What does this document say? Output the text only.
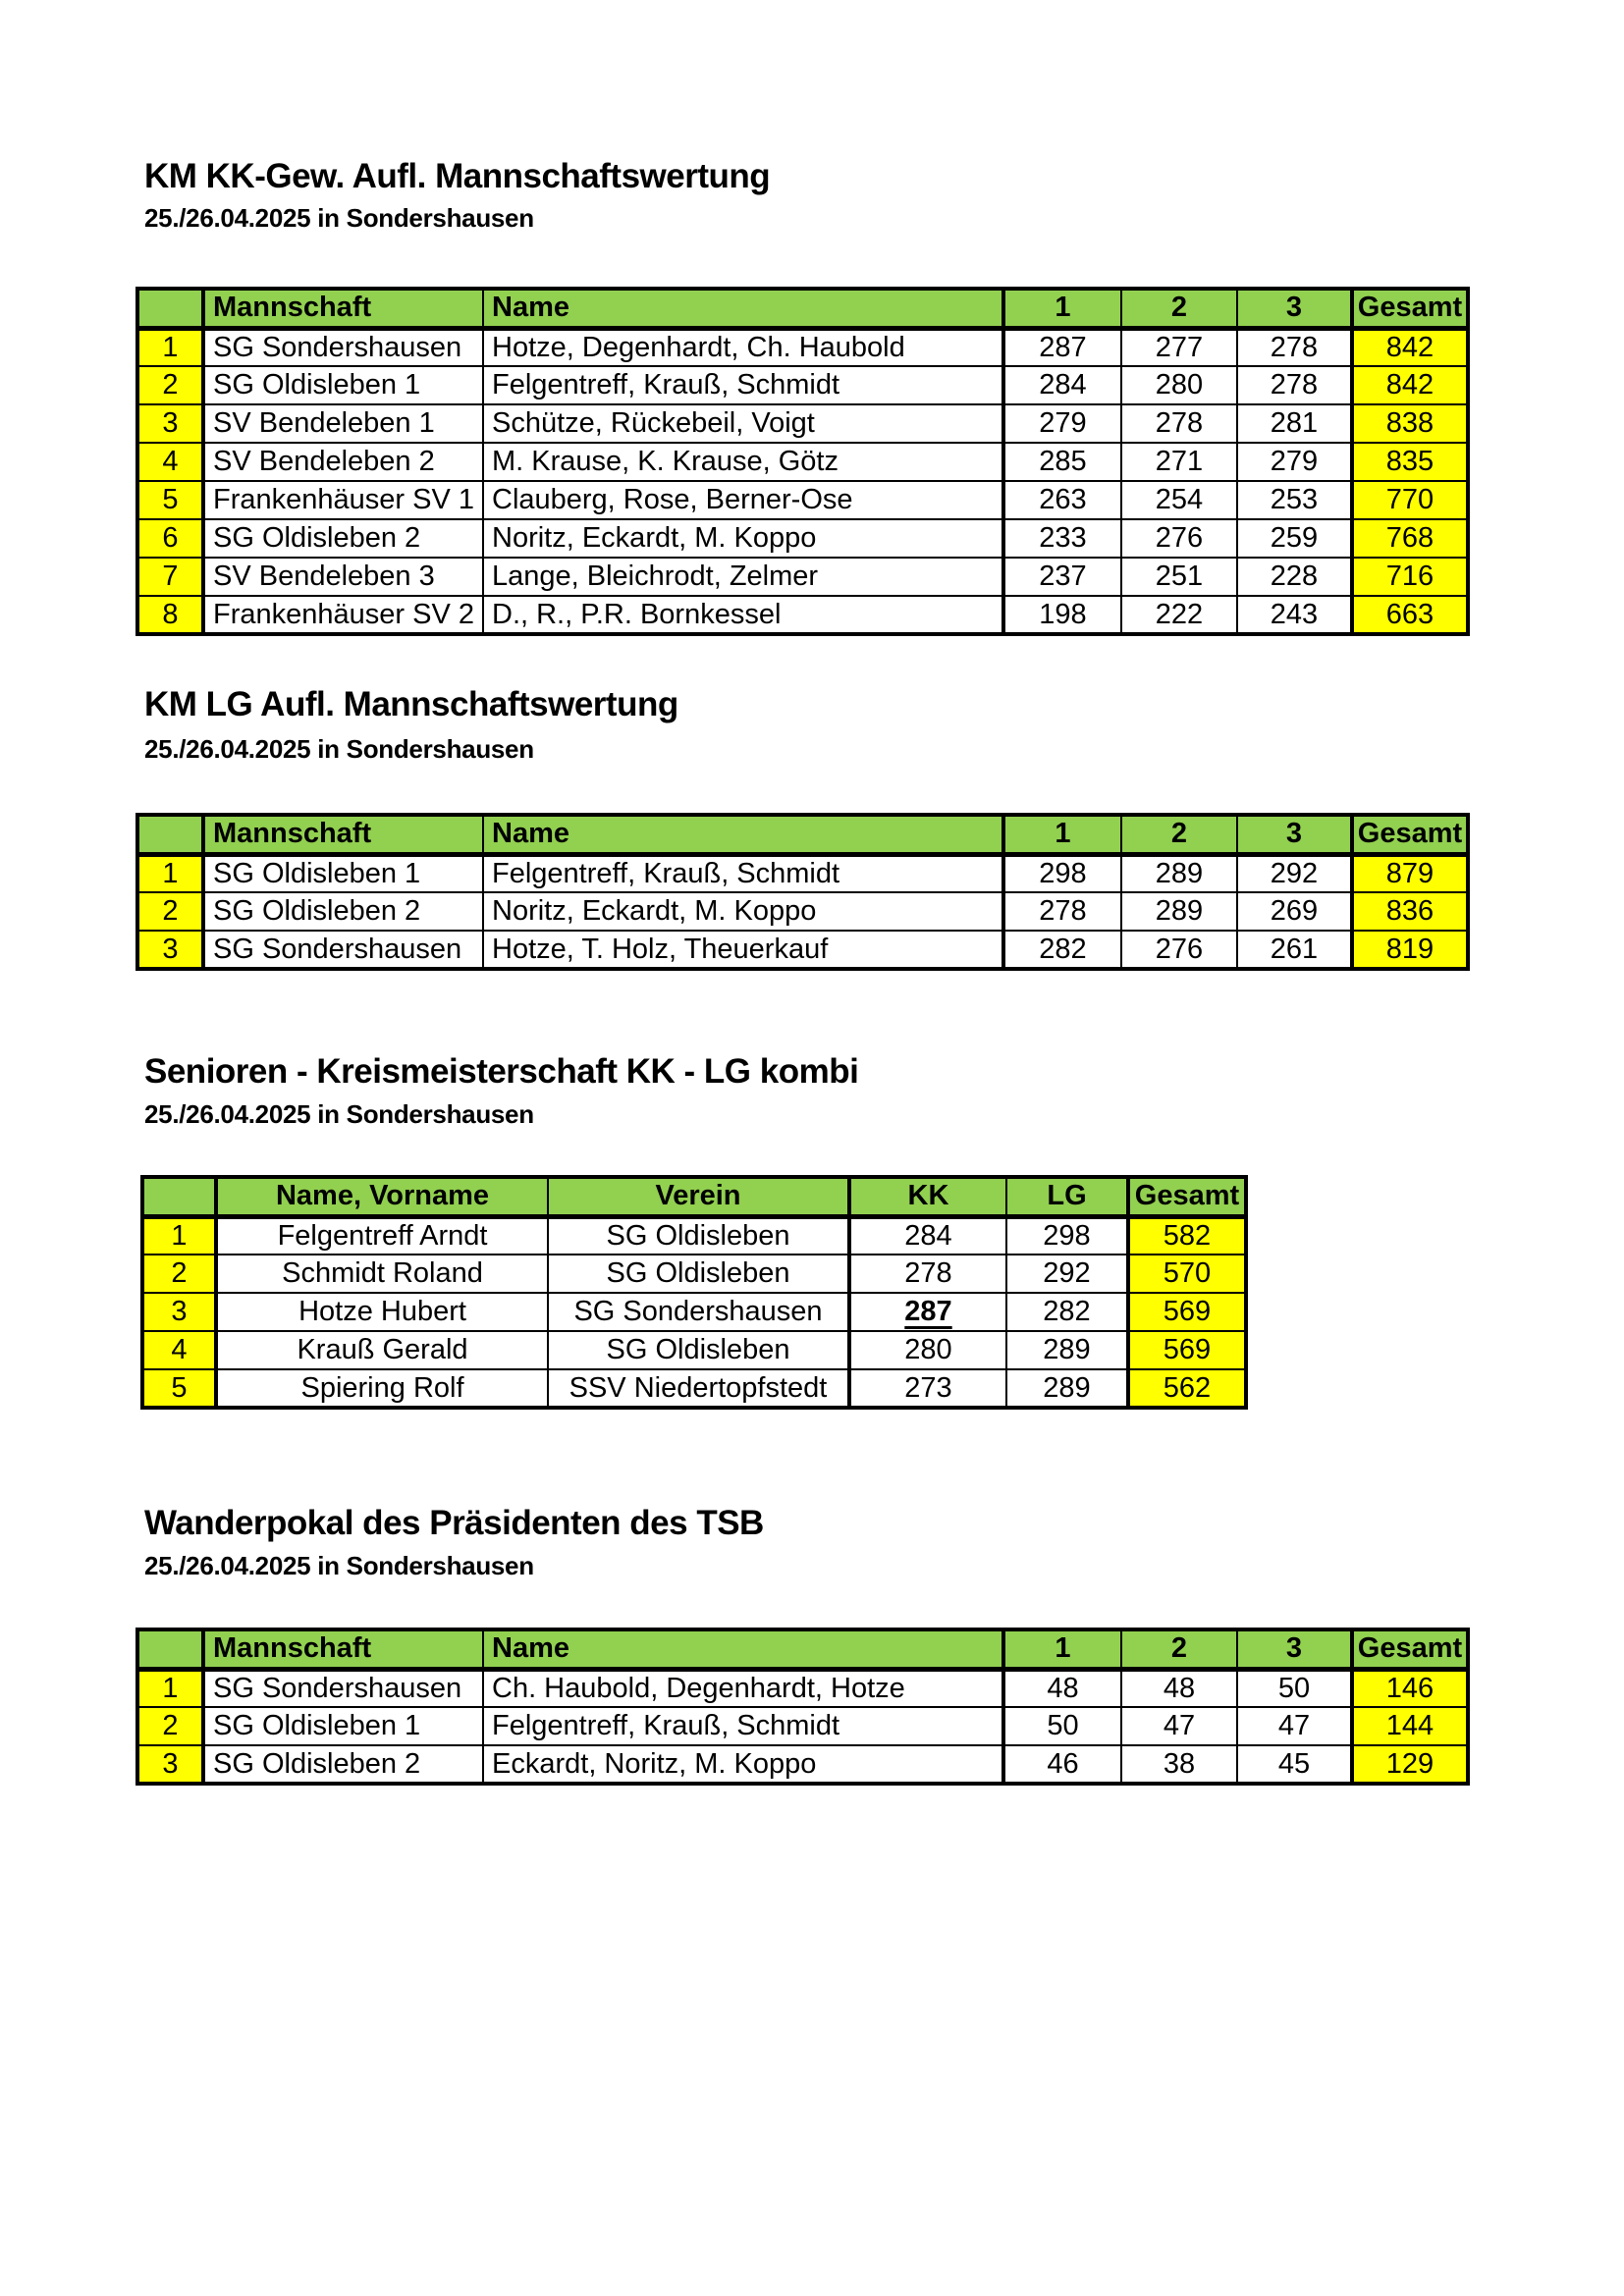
KM KK-Gew. Aufl. Mannschaftswertung
25./26.04.2025 in Sondershausen
	Mannschaft	Name	1	2	3	Gesamt
1	SG Sondershausen	Hotze, Degenhardt, Ch. Haubold	287	277	278	842
2	SG Oldisleben 1	Felgentreff, Krauß, Schmidt	284	280	278	842
3	SV Bendeleben 1	Schütze, Rückebeil, Voigt	279	278	281	838
4	SV Bendeleben 2	M. Krause, K. Krause, Götz	285	271	279	835
5	Frankenhäuser SV 1	Clauberg, Rose, Berner-Ose	263	254	253	770
6	SG Oldisleben 2	Noritz, Eckardt, M. Koppo	233	276	259	768
7	SV Bendeleben 3	Lange, Bleichrodt, Zelmer	237	251	228	716
8	Frankenhäuser SV 2	D., R., P.R. Bornkessel	198	222	243	663
KM LG Aufl. Mannschaftswertung
25./26.04.2025 in Sondershausen
	Mannschaft	Name	1	2	3	Gesamt
1	SG Oldisleben 1	Felgentreff, Krauß, Schmidt	298	289	292	879
2	SG Oldisleben 2	Noritz, Eckardt, M. Koppo	278	289	269	836
3	SG Sondershausen	Hotze, T. Holz, Theuerkauf	282	276	261	819
Senioren - Kreismeisterschaft KK - LG kombi
25./26.04.2025 in Sondershausen
	Name, Vorname	Verein	KK	LG	Gesamt
1	Felgentreff Arndt	SG Oldisleben	284	298	582
2	Schmidt Roland	SG Oldisleben	278	292	570
3	Hotze Hubert	SG Sondershausen	287	282	569
4	Krauß Gerald	SG Oldisleben	280	289	569
5	Spiering Rolf	SSV Niedertopfstedt	273	289	562
Wanderpokal des Präsidenten des TSB
25./26.04.2025 in Sondershausen
	Mannschaft	Name	1	2	3	Gesamt
1	SG Sondershausen	Ch. Haubold, Degenhardt, Hotze	48	48	50	146
2	SG Oldisleben 1	Felgentreff, Krauß, Schmidt	50	47	47	144
3	SG Oldisleben 2	Eckardt, Noritz, M. Koppo	46	38	45	129
